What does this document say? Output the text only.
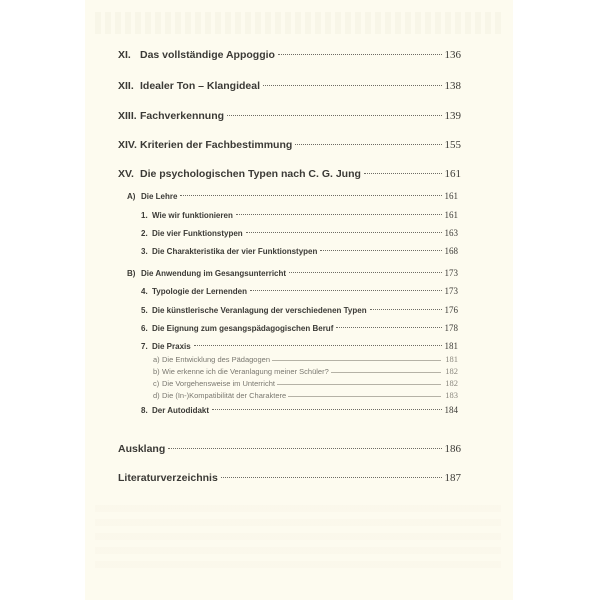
XI. Das vollständige Appoggio	136
XII. Idealer Ton – Klangideal	138
XIII. Fachverkennung	139
XIV. Kriterien der Fachbestimmung	155
XV. Die psychologischen Typen nach C. G. Jung	161
A) Die Lehre	161
1. Wie wir funktionieren	161
2. Die vier Funktionstypen	163
3. Die Charakteristika der vier Funktionstypen	168
B) Die Anwendung im Gesangsunterricht	173
4. Typologie der Lernenden	173
5. Die künstlerische Veranlagung der verschiedenen Typen	176
6. Die Eignung zum gesangspädagogischen Beruf	178
7. Die Praxis	181
a) Die Entwicklung des Pädagogen	181
b) Wie erkenne ich die Veranlagung meiner Schüler?	182
c) Die Vorgehensweise im Unterricht	182
d) Die (In-)Kompatibilität der Charaktere	183
8. Der Autodidakt	184
Ausklang	186
Literaturverzeichnis	187
